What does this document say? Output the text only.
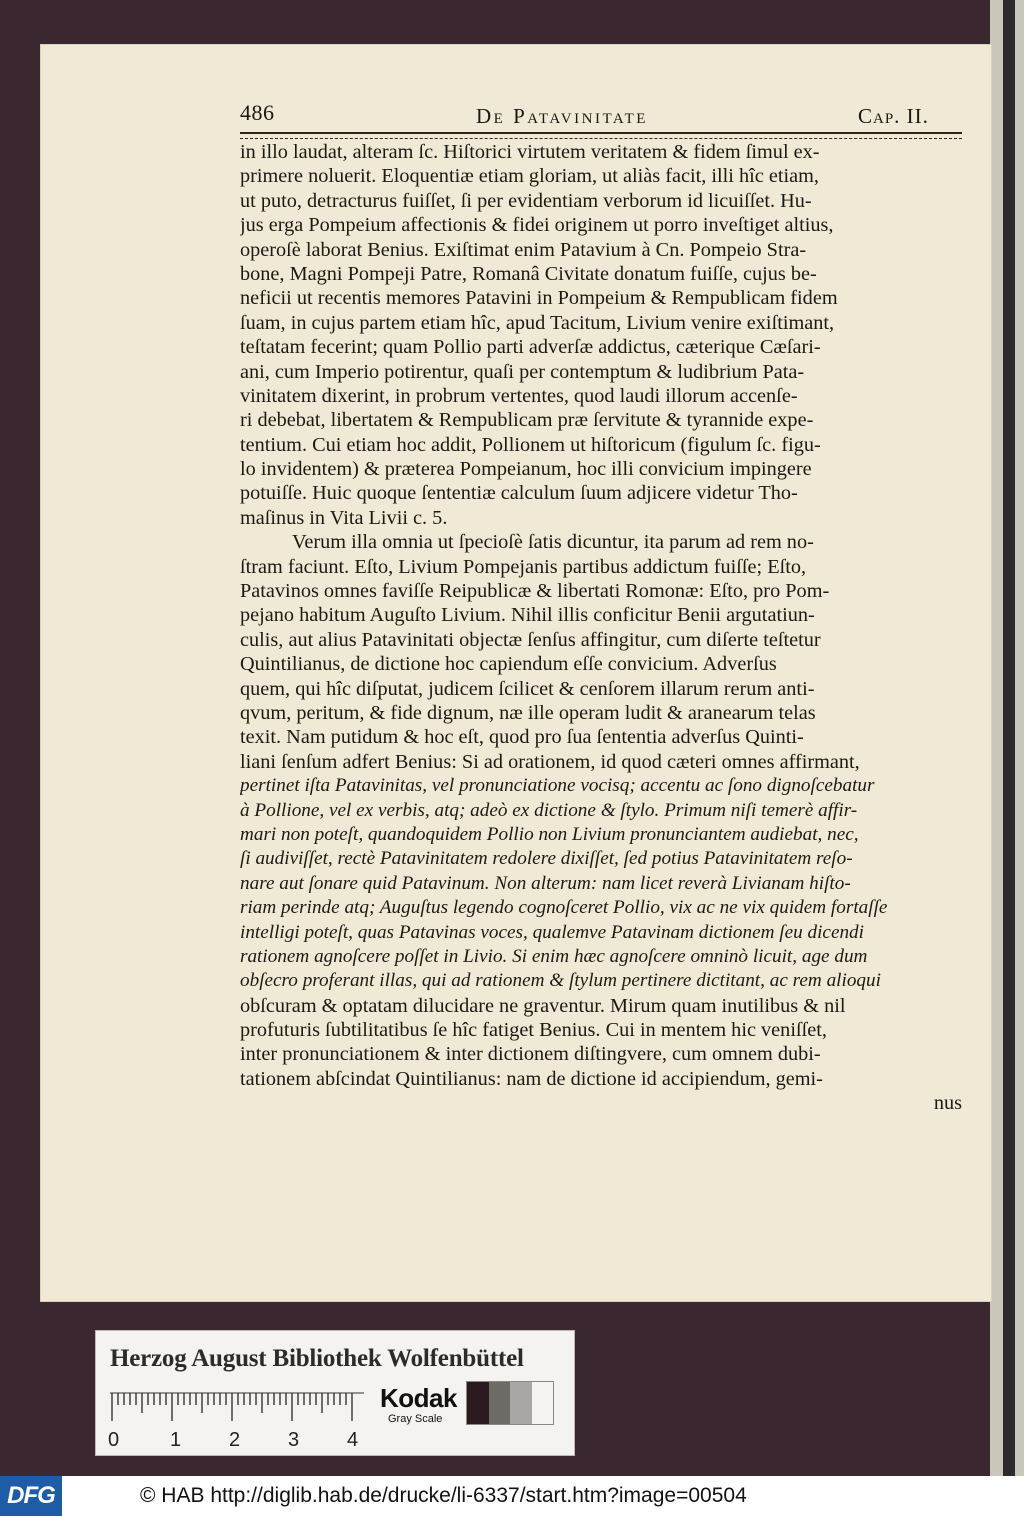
486	De Patavinitate	Cap. II.
in illo laudat, alteram ſc. Hiſtorici virtutem veritatem & fidem ſimul ex-
primere noluerit. Eloquentiæ etiam gloriam, ut aliàs facit, illi hîc etiam,
ut puto, detracturus fuiſſet, ſi per evidentiam verborum id licuiſſet. Hu-
jus erga Pompeium affectionis & fidei originem ut porro inveſtiget altius,
operoſè laborat Benius. Exiſtimat enim Patavium à Cn. Pompeio Stra-
bone, Magni Pompeji Patre, Romanâ Civitate donatum fuiſſe, cujus be-
neficii ut recentis memores Patavini in Pompeium & Rempublicam fidem
ſuam, in cujus partem etiam hîc, apud Tacitum, Livium venire exiſtimant,
teſtatam fecerint; quam Pollio parti adverſæ addictus, cæterique Cæſari-
ani, cum Imperio potirentur, quaſi per contemptum & ludibrium Pata-
vinitatem dixerint, in probrum vertentes, quod laudi illorum accenſe-
ri debebat, libertatem & Rempublicam præ ſervitute & tyrannide expe-
tentium. Cui etiam hoc addit, Pollionem ut hiſtoricum (figulum ſc. figu-
lo invidentem) & præterea Pompeianum, hoc illi convicium impingere
potuiſſe. Huic quoque ſententiæ calculum ſuum adjicere videtur Tho-
maſinus in Vita Livii c. 5.
Verum illa omnia ut ſpecioſè ſatis dicuntur, ita parum ad rem no-
ſtram faciunt. Eſto, Livium Pompejanis partibus addictum fuiſſe; Eſto,
Patavinos omnes faviſſe Reipublicæ & libertati Romonæ: Eſto, pro Pom-
pejano habitum Auguſto Livium. Nihil illis conficitur Benii argutatiun-
culis, aut alius Patavinitati objectæ ſenſus affingitur, cum diſerte teſtetur
Quintilianus, de dictione hoc capiendum eſſe convicium. Adverſus
quem, qui hîc diſputat, judicem ſcilicet & cenſorem illarum rerum anti-
qvum, peritum, & fide dignum, næ ille operam ludit & aranearum telas
texit. Nam putidum & hoc eſt, quod pro ſua ſententia adverſus Quinti-
liani ſenſum adfert Benius: Si ad orationem, id quod cæteri omnes affirmant,
pertinet iſta Patavinitas, vel pronunciatione vocisq; accentu ac ſono dignoſcebatur
à Pollione, vel ex verbis, atq; adeò ex dictione & ſtylo. Primum niſi temerè affir-
mari non poteſt, quandoquidem Pollio non Livium pronunciantem audiebat, nec,
ſi audiviſſet, rectè Patavinitatem redolere dixiſſet, ſed potius Patavinitatem reſo-
nare aut ſonare quid Patavinum. Non alterum: nam licet reverà Livianam hiſto-
riam perinde atq; Auguſtus legendo cognoſceret Pollio, vix ac ne vix quidem fortaſſe
intelligi poteſt, quas Patavinas voces, qualemve Patavinam dictionem ſeu dicendi
rationem agnoſcere poſſet in Livio. Si enim hæc agnoſcere omninò licuit, age dum
obſecro proferant illas, qui ad rationem & ſtylum pertinere dictitant, ac rem alioqui
obſcuram & optatam dilucidare ne graventur. Mirum quam inutilibus & nil
profuturis ſubtilitatibus ſe hîc fatiget Benius. Cui in mentem hic veniſſet,
inter pronunciationem & inter dictionem diſtingvere, cum omnem dubi-
tationem abſcindat Quintilianus: nam de dictione id accipiendum, gemi-
nus
Herzog August Bibliothek Wolfenbüttel
0	1 2 3 4
Kodak
Gray Scale
DFG	© HAB http://diglib.hab.de/drucke/li-6337/start.htm?image=00504
